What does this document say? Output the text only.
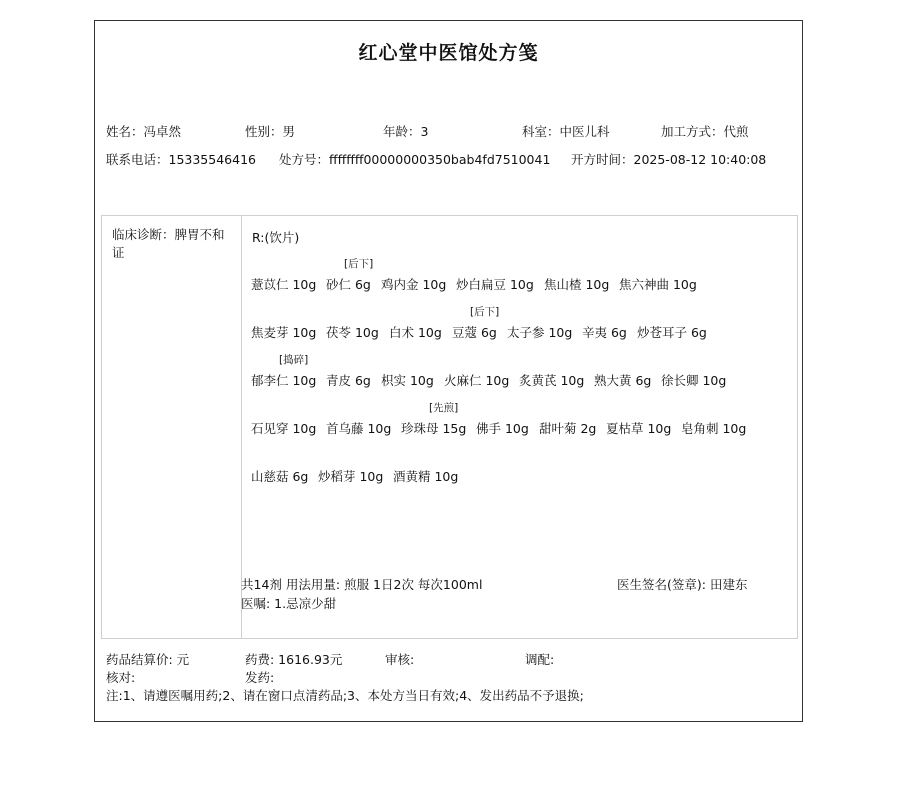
红心堂中医馆处方笺
姓名：冯卓然	性别：男	年龄：3	科室：中医儿科	加工方式：代煎
联系电话：15335546416 处方号：ffffffff00000000350bab4fd7510041 开方时间：2025-08-12 10:40:08
临床诊断：脾胃不和证
R:(饮片)
薏苡仁 10g 砂仁 6g
[后下]
鸡内金 10g 炒白扁豆 10g 焦山楂 10g 焦六神曲 10g
焦麦芽 10g 茯苓 10g 白术 10g 豆蔻 6g
[后下]
太子参 10g 辛夷 6g 炒苍耳子 6g
郁李仁 10g
[捣碎]
青皮 6g 枳实 10g 火麻仁 10g 炙黄芪 10g 熟大黄 6g 徐长卿 10g
石见穿 10g 首乌藤 10g 珍珠母 15g
[先煎]
佛手 10g 甜叶菊 2g 夏枯草 10g 皂角刺 10g
山慈菇 6g 炒稻芽 10g 酒黄精 10g
共14剂 用法用量: 煎服 1日2次 每次100ml	医生签名(签章): 田建东
医嘱: 1.忌凉少甜
药品结算价: 元	药费: 1616.93元	审核:	调配:
核对:	发药:
注:1、请遵医嘱用药;2、请在窗口点清药品;3、本处方当日有效;4、发出药品不予退换;
